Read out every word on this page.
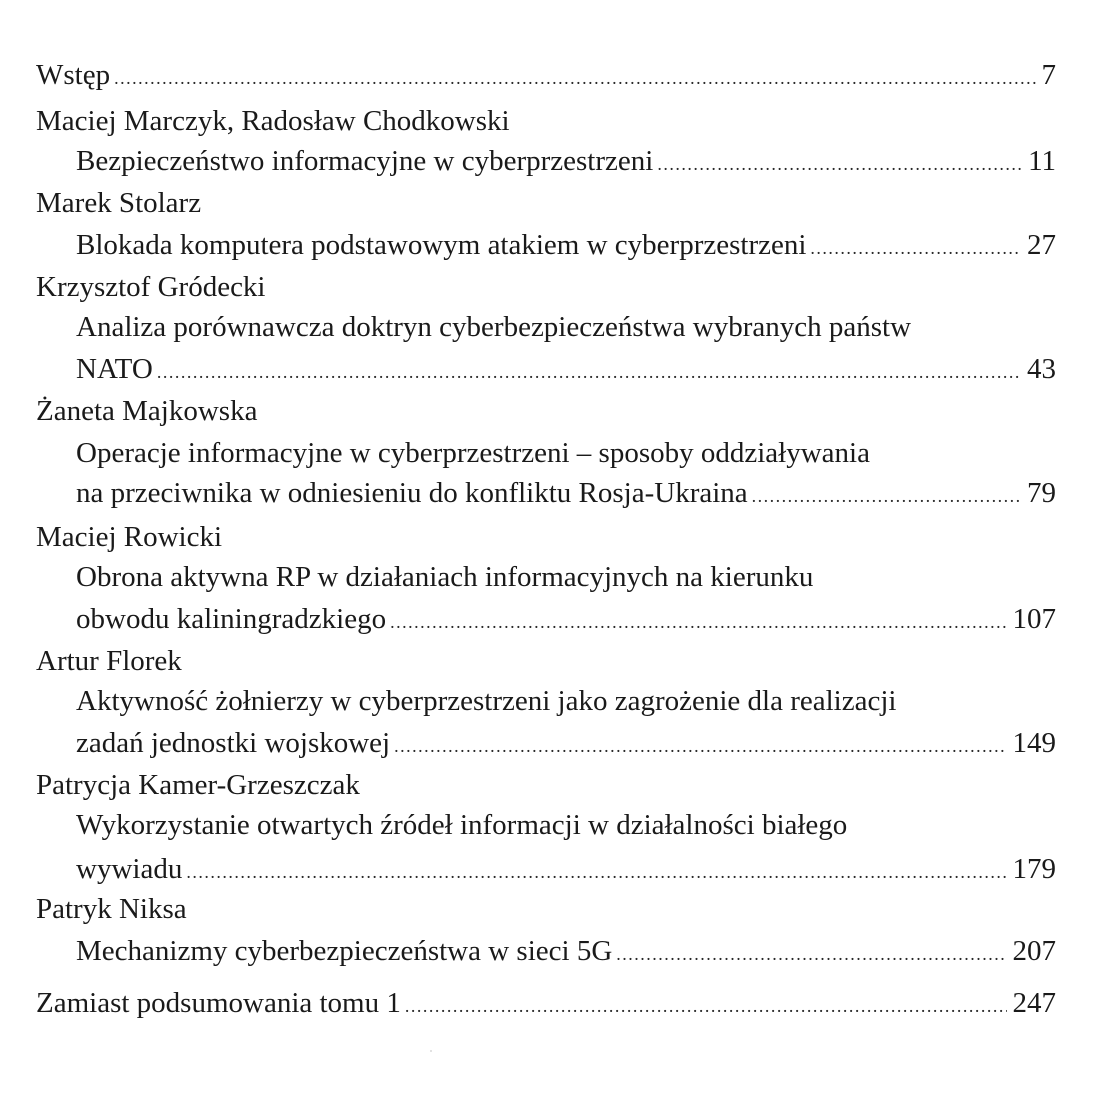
Wstęp .....	7
Maciej Marczyk, Radosław Chodkowski
Bezpieczeństwo informacyjne w cyberprzestrzeni .....	11
Marek Stolarz
Blokada komputera podstawowym atakiem w cyberprzestrzeni .....	27
Krzysztof Gródecki
Analiza porównawcza doktryn cyberbezpieczeństwa wybranych państw
NATO .....	43
Żaneta Majkowska
Operacje informacyjne w cyberprzestrzeni – sposoby oddziaływania
na przeciwnika w odniesieniu do konfliktu Rosja-Ukraina .....	79
Maciej Rowicki
Obrona aktywna RP w działaniach informacyjnych na kierunku
obwodu kaliningradzkiego .....	107
Artur Florek
Aktywność żołnierzy w cyberprzestrzeni jako zagrożenie dla realizacji
zadań jednostki wojskowej .....	149
Patrycja Kamer-Grzeszczak
Wykorzystanie otwartych źródeł informacji w działalności białego
wywiadu .....	179
Patryk Niksa
Mechanizmy cyberbezpieczeństwa w sieci 5G .....	207
Zamiast podsumowania tomu 1 .....	247
